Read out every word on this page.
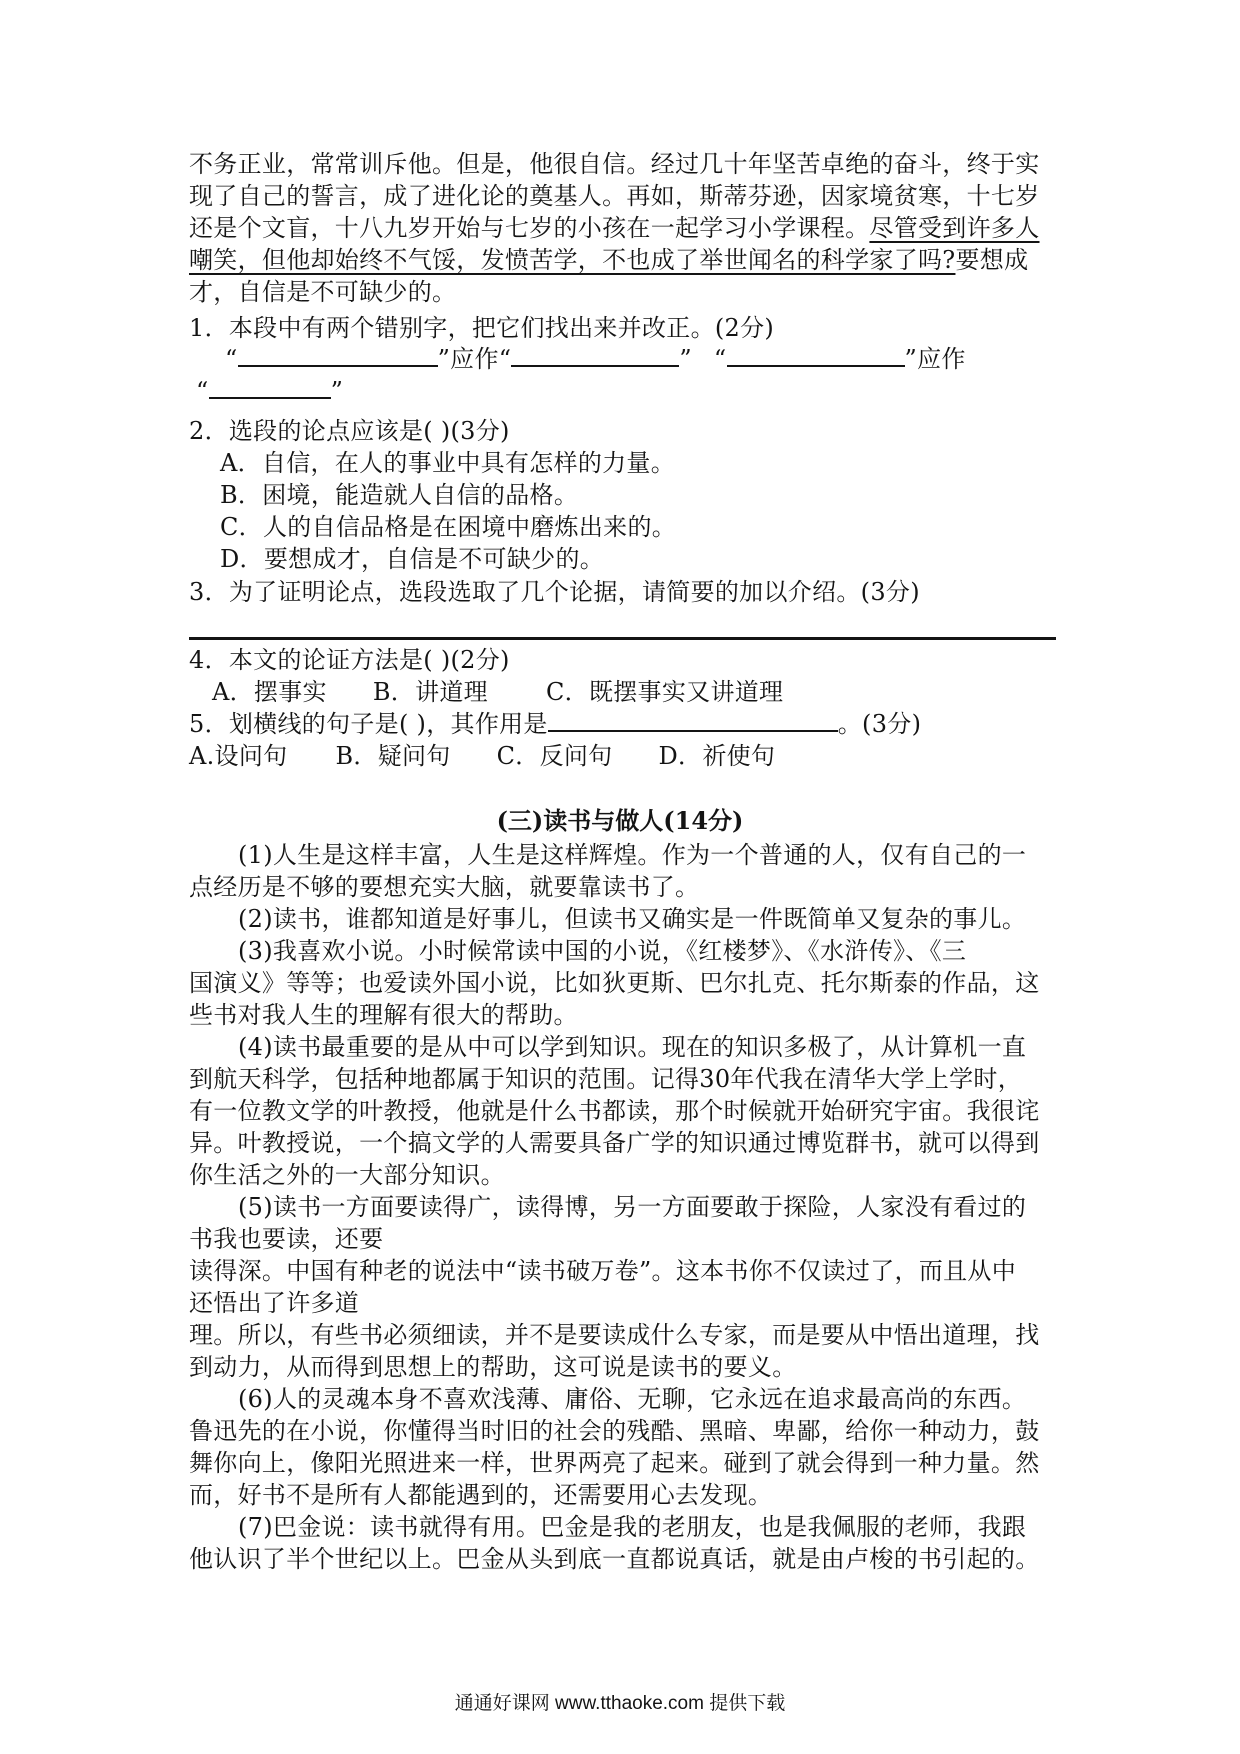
不务正业，常常训斥他。但是，他很自信。经过几十年坚苦卓绝的奋斗，终于实
现了自己的誓言，成了进化论的奠基人。再如，斯蒂芬逊，因家境贫寒，十七岁
还是个文盲，十八九岁开始与七岁的小孩在一起学习小学课程。尽管受到许多人
嘲笑，但他却始终不气馁，发愤苦学，不也成了举世闻名的科学家了吗?要想成
才，自信是不可缺少的。
1．本段中有两个错别字，把它们找出来并改正。(2分)
“	”应作“	” “	”应作
“	”
2．选段的论点应该是( )(3分)
A．自信，在人的事业中具有怎样的力量。
B．困境，能造就人自信的品格。
C．人的自信品格是在困境中磨炼出来的。
D．要想成才，自信是不可缺少的。
3．为了证明论点，选段选取了几个论据，请简要的加以介绍。(3分)
4．本文的论证方法是( )(2分)
A．摆事实 B．讲道理 C．既摆事实又讲道理
5．划横线的句子是( )，其作用是	。(3分)
A.设问句 B．疑问句 C．反问句 D．祈使句
(三)读书与做人(14分)
(1)人生是这样丰富，人生是这样辉煌。作为一个普通的人，仅有自己的一
点经历是不够的要想充实大脑，就要靠读书了。
(2)读书，谁都知道是好事儿，但读书又确实是一件既简单又复杂的事儿。
(3)我喜欢小说。小时候常读中国的小说，《红楼梦》、《水浒传》、《三
国演义》等等；也爱读外国小说，比如狄更斯、巴尔扎克、托尔斯泰的作品，这
些书对我人生的理解有很大的帮助。
(4)读书最重要的是从中可以学到知识。现在的知识多极了，从计算机一直
到航天科学，包括种地都属于知识的范围。记得30年代我在清华大学上学时，
有一位教文学的叶教授，他就是什么书都读，那个时候就开始研究宇宙。我很诧
异。叶教授说，一个搞文学的人需要具备广学的知识通过博览群书，就可以得到
你生活之外的一大部分知识。
(5)读书一方面要读得广，读得博，另一方面要敢于探险，人家没有看过的
书我也要读，还要
读得深。中国有种老的说法中“读书破万卷”。这本书你不仅读过了，而且从中
还悟出了许多道
理。所以，有些书必须细读，并不是要读成什么专家，而是要从中悟出道理，找
到动力，从而得到思想上的帮助，这可说是读书的要义。
(6)人的灵魂本身不喜欢浅薄、庸俗、无聊，它永远在追求最高尚的东西。
鲁迅先的在小说，你懂得当时旧的社会的残酷、黑暗、卑鄙，给你一种动力，鼓
舞你向上，像阳光照进来一样，世界两亮了起来。碰到了就会得到一种力量。然
而，好书不是所有人都能遇到的，还需要用心去发现。
(7)巴金说：读书就得有用。巴金是我的老朋友，也是我佩服的老师，我跟
他认识了半个世纪以上。巴金从头到底一直都说真话，就是由卢梭的书引起的。
通通好课网 www.tthaoke.com 提供下载
